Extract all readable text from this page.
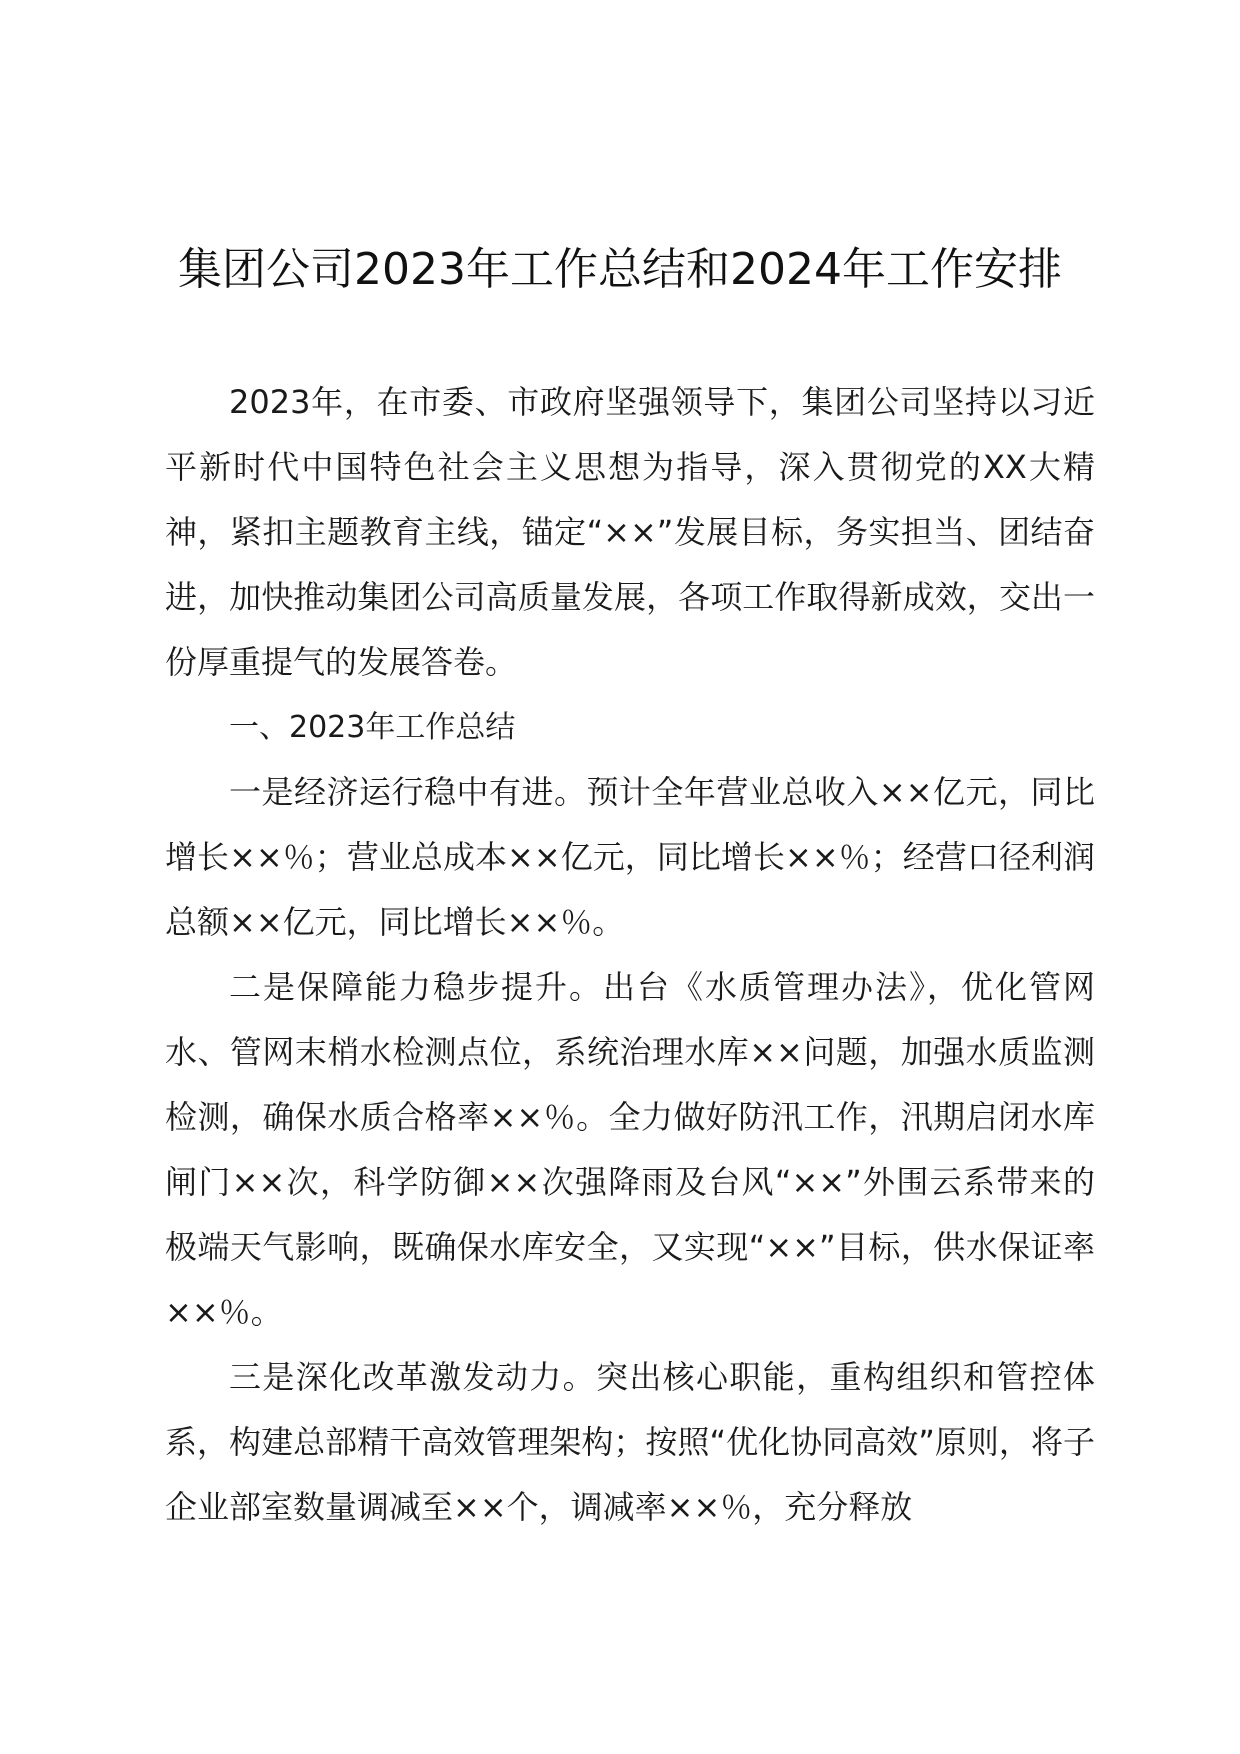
集团公司2023年工作总结和2024年工作安排

2023年，在市委、市政府坚强领导下，集团公司坚持以习近平新时代中国特色社会主义思想为指导，深入贯彻党的XX大精神，紧扣主题教育主线，锚定“××”发展目标，务实担当、团结奋进，加快推动集团公司高质量发展，各项工作取得新成效，交出一份厚重提气的发展答卷。

一、2023年工作总结

一是经济运行稳中有进。预计全年营业总收入××亿元，同比增长××％；营业总成本××亿元，同比增长××％；经营口径利润总额××亿元，同比增长××％。

二是保障能力稳步提升。出台《水质管理办法》，优化管网水、管网末梢水检测点位，系统治理水库××问题，加强水质监测检测，确保水质合格率××％。全力做好防汛工作，汛期启闭水库闸门××次，科学防御××次强降雨及台风“××”外围云系带来的极端天气影响，既确保水库安全，又实现“××”目标，供水保证率××％。

三是深化改革激发动力。突出核心职能，重构组织和管控体系，构建总部精干高效管理架构；按照“优化协同高效”原则，将子企业部室数量调减至××个，调减率××％，充分释放
